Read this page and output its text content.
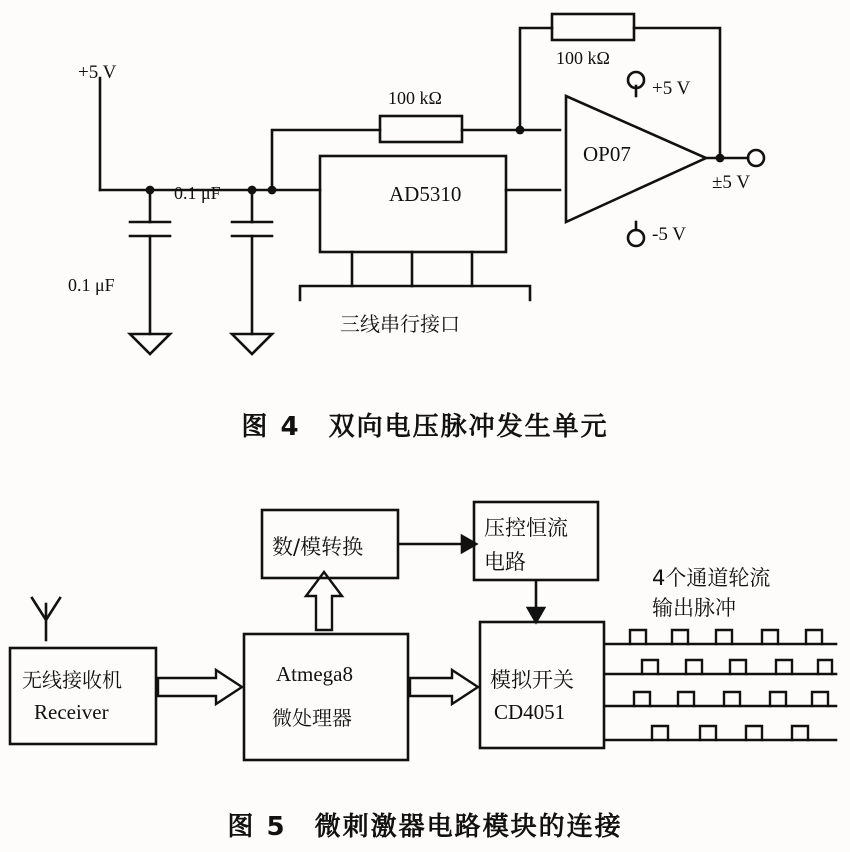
+5 V
0.1 μF
0.1 μF
AD5310
OP07
100 kΩ
100 kΩ
+5 V
-5 V
±5 V
三线串行接口
图 4　双向电压脉冲发生单元
无线接收机
Receiver
Atmega8
微处理器
数/模转换
压控恒流
电路
模拟开关
CD4051
4个通道轮流
输出脉冲
图 5　微刺激器电路模块的连接
